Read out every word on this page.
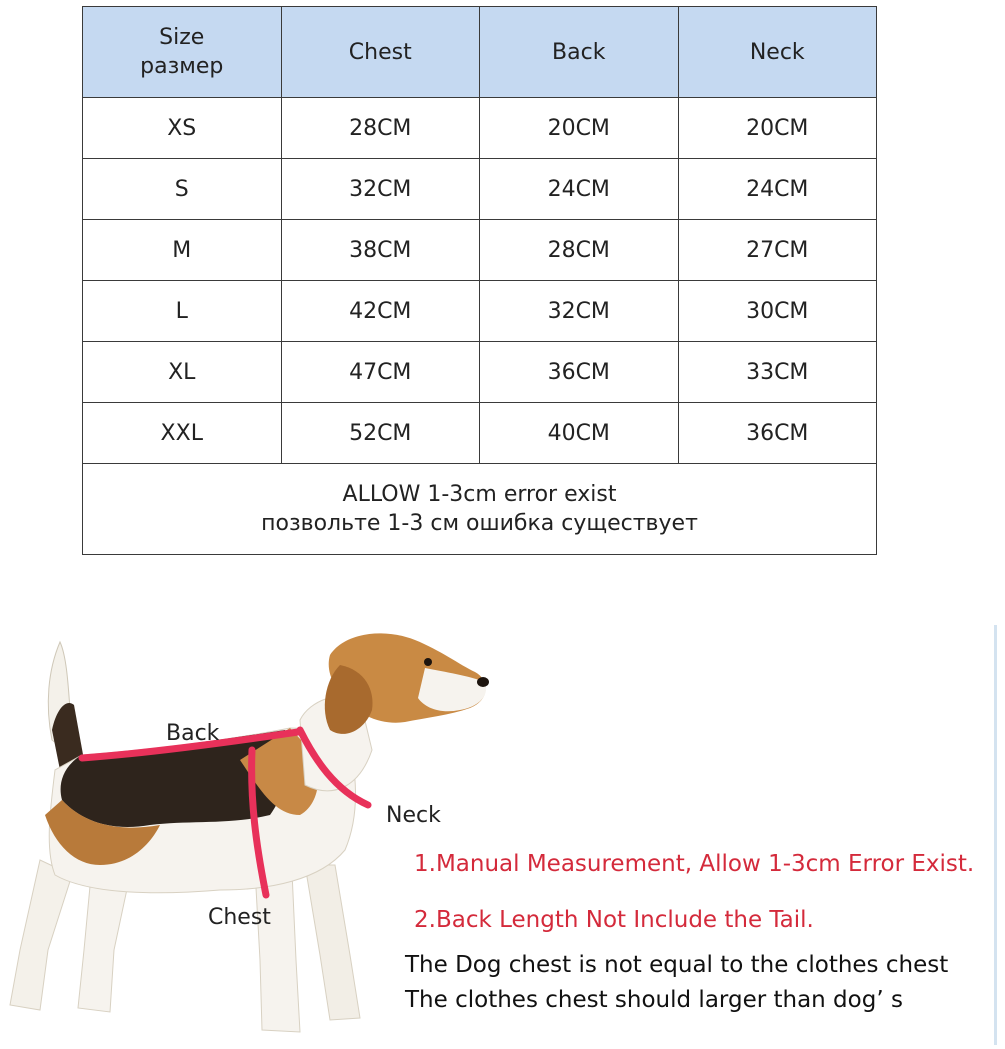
Size
размер	Chest	Back	Neck
XS	28CM	20CM	20CM
S	32CM	24CM	24CM
M	38CM	28CM	27CM
L	42CM	32CM	30CM
XL	47CM	36CM	33CM
XXL	52CM	40CM	36CM

ALLOW 1-3cm error exist
позвольте 1-3 см ошибка существует			
Back
Neck
Chest
1.Manual Measurement, Allow 1-3cm Error Exist.
2.Back Length Not Include the Tail.
The Dog chest is not equal to the clothes chest
The clothes chest should larger than dog’ s
